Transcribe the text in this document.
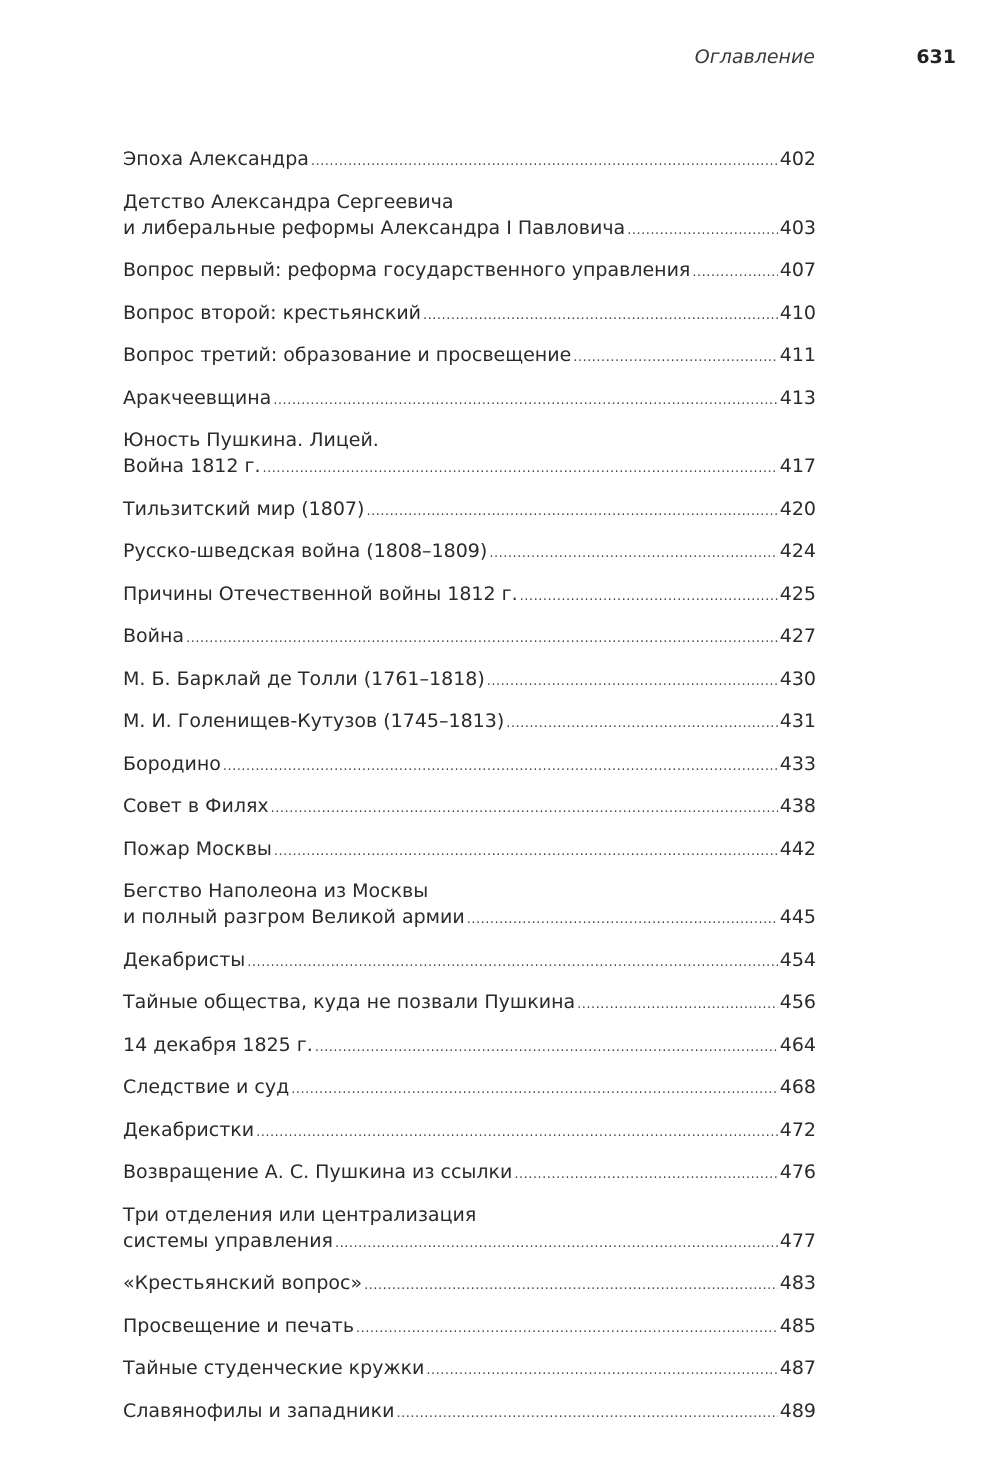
Оглавление	631
Эпоха Александра .....	402
Детство Александра Сергеевича
и либеральные реформы Александра I Павловича .....	403
Вопрос первый: реформа государственного управления .....	407
Вопрос второй: крестьянский .....	410
Вопрос третий: образование и просвещение .....	411
Аракчеевщина .....	413
Юность Пушкина. Лицей.
Война 1812 г. .....	417
Тильзитский мир (1807) .....	420
Русско-шведская война (1808–1809) .....	424
Причины Отечественной войны 1812 г. .....	425
Война .....	427
М. Б. Барклай де Толли (1761–1818) .....	430
М. И. Голенищев-Кутузов (1745–1813) .....	431
Бородино .....	433
Совет в Филях .....	438
Пожар Москвы .....	442
Бегство Наполеона из Москвы
и полный разгром Великой армии .....	445
Декабристы .....	454
Тайные общества, куда не позвали Пушкина .....	456
14 декабря 1825 г. .....	464
Следствие и суд .....	468
Декабристки .....	472
Возвращение А. С. Пушкина из ссылки .....	476
Три отделения или централизация
системы управления .....	477
«Крестьянский вопрос» .....	483
Просвещение и печать .....	485
Тайные студенческие кружки .....	487
Славянофилы и западники .....	489
